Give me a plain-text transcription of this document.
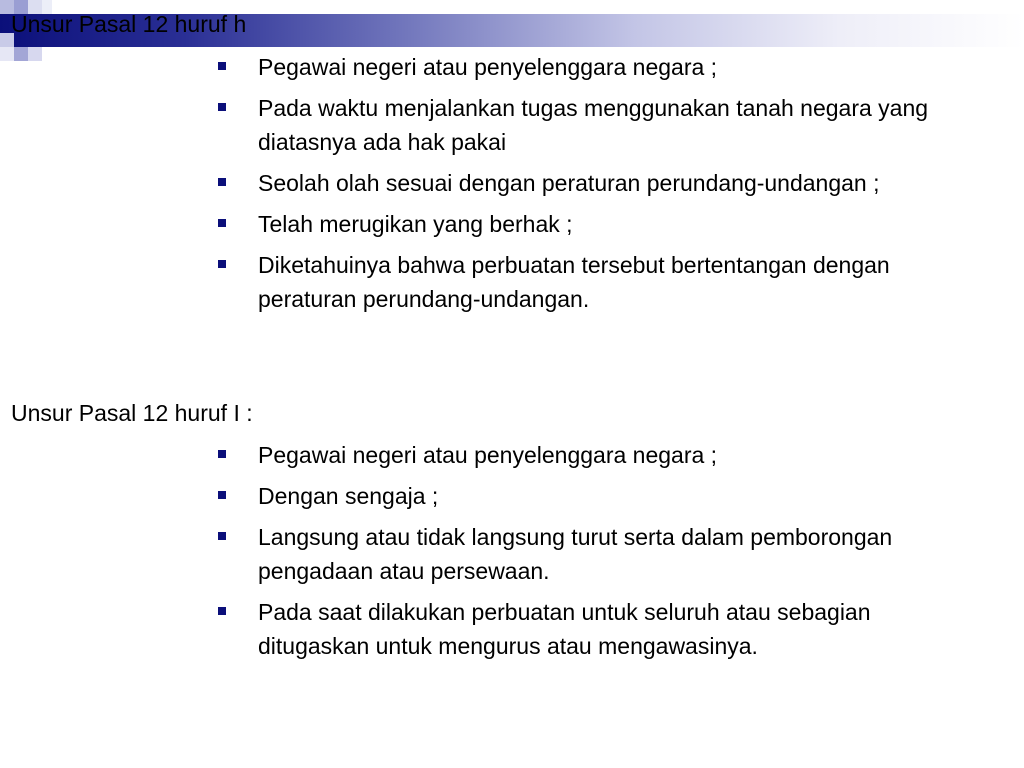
Unsur Pasal 12 huruf h
Pegawai negeri atau penyelenggara negara ;
Pada waktu menjalankan tugas menggunakan tanah negara yang diatasnya ada hak pakai
Seolah olah sesuai dengan peraturan perundang-undangan ;
Telah merugikan yang berhak ;
Diketahuinya bahwa perbuatan tersebut bertentangan dengan peraturan perundang-undangan.
Unsur Pasal 12 huruf I :
Pegawai negeri atau penyelenggara negara ;
Dengan sengaja ;
Langsung atau tidak langsung turut serta dalam pemborongan pengadaan atau persewaan.
Pada saat dilakukan perbuatan untuk seluruh atau sebagian ditugaskan untuk mengurus atau mengawasinya.
